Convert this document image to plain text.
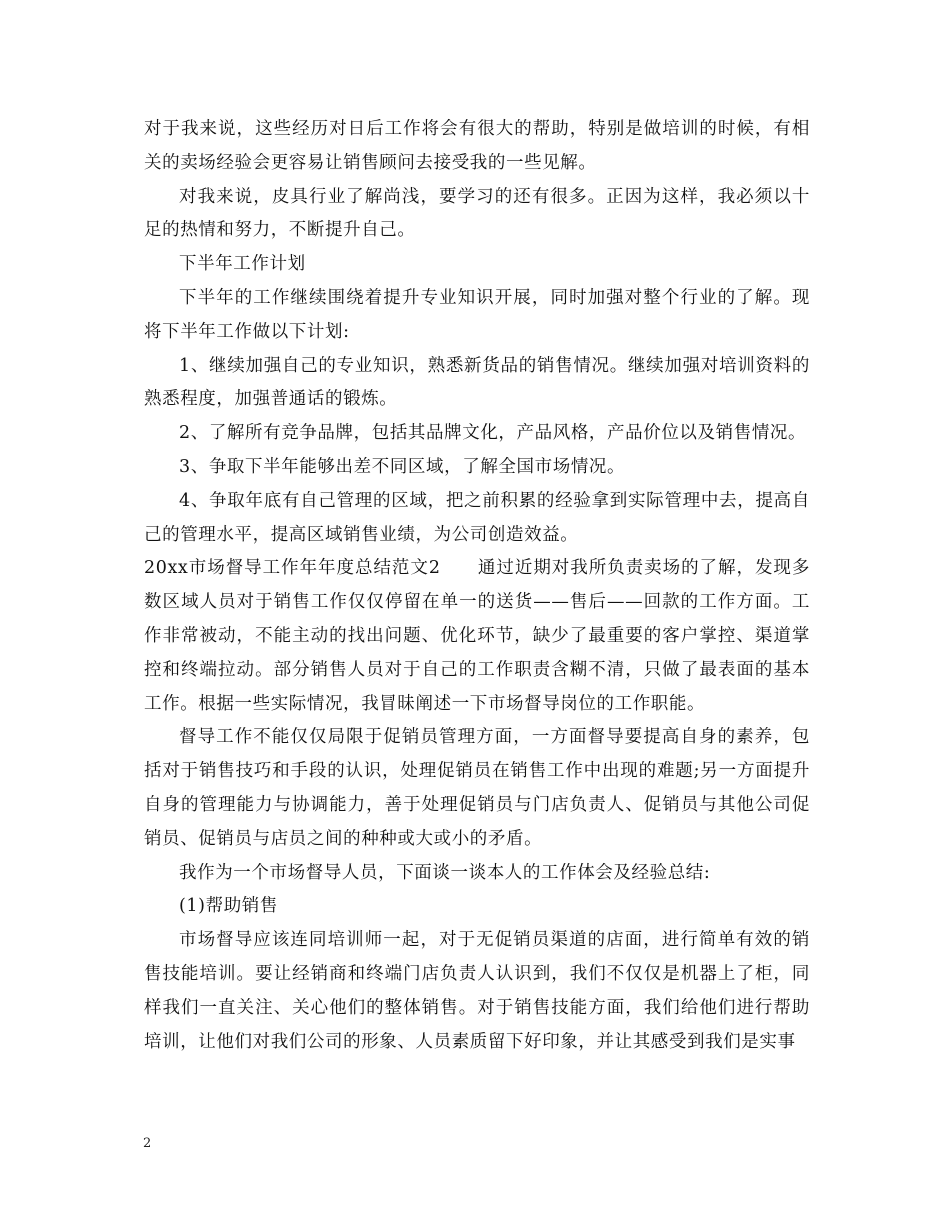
对于我来说，这些经历对日后工作将会有很大的帮助，特别是做培训的时候，有相关的卖场经验会更容易让销售顾问去接受我的一些见解。

对我来说，皮具行业了解尚浅，要学习的还有很多。正因为这样，我必须以十足的热情和努力，不断提升自己。

下半年工作计划

下半年的工作继续围绕着提升专业知识开展，同时加强对整个行业的了解。现将下半年工作做以下计划:

1、继续加强自己的专业知识，熟悉新货品的销售情况。继续加强对培训资料的熟悉程度，加强普通话的锻炼。

2、了解所有竞争品牌，包括其品牌文化，产品风格，产品价位以及销售情况。

3、争取下半年能够出差不同区域，了解全国市场情况。

4、争取年底有自己管理的区域，把之前积累的经验拿到实际管理中去，提高自己的管理水平，提高区域销售业绩，为公司创造效益。

20xx市场督导工作年年度总结范文2　　通过近期对我所负责卖场的了解，发现多数区域人员对于销售工作仅仅停留在单一的送货——售后——回款的工作方面。工作非常被动，不能主动的找出问题、优化环节，缺少了最重要的客户掌控、渠道掌控和终端拉动。部分销售人员对于自己的工作职责含糊不清，只做了最表面的基本工作。根据一些实际情况，我冒昧阐述一下市场督导岗位的工作职能。

督导工作不能仅仅局限于促销员管理方面，一方面督导要提高自身的素养，包括对于销售技巧和手段的认识，处理促销员在销售工作中出现的难题;另一方面提升自身的管理能力与协调能力，善于处理促销员与门店负责人、促销员与其他公司促销员、促销员与店员之间的种种或大或小的矛盾。

我作为一个市场督导人员，下面谈一谈本人的工作体会及经验总结:

(1)帮助销售

市场督导应该连同培训师一起，对于无促销员渠道的店面，进行简单有效的销售技能培训。要让经销商和终端门店负责人认识到，我们不仅仅是机器上了柜，同样我们一直关注、关心他们的整体销售。对于销售技能方面，我们给他们进行帮助培训，让他们对我们公司的形象、人员素质留下好印象，并让其感受到我们是实事

2
